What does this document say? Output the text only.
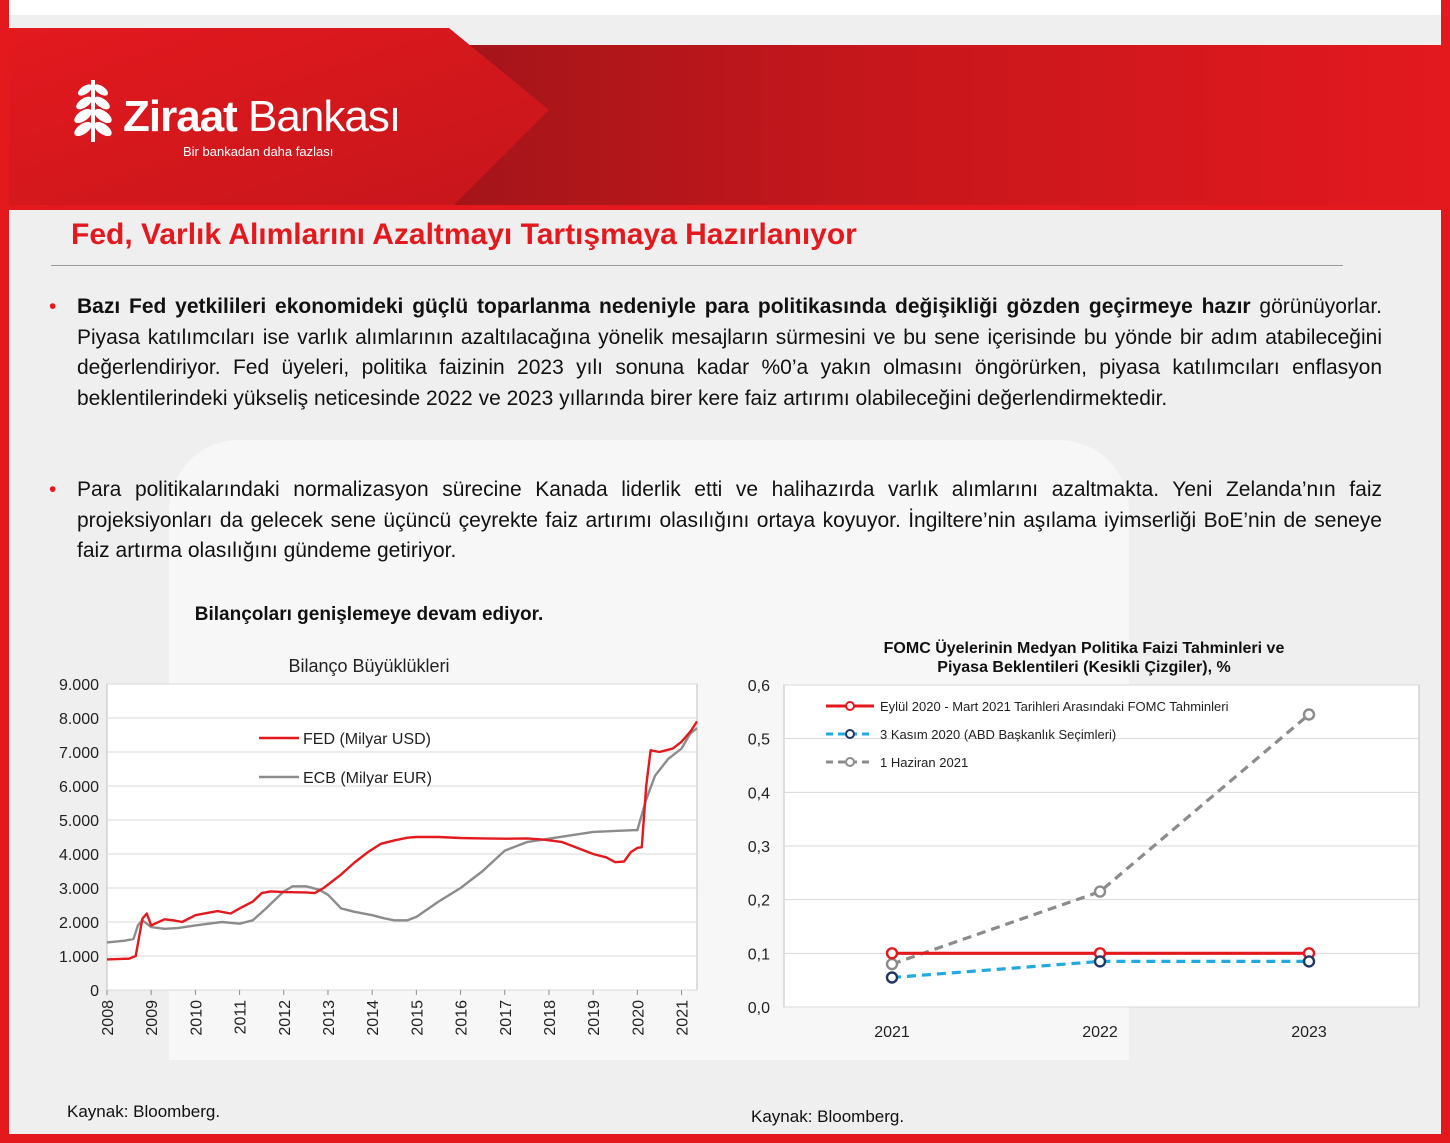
Ziraat Bankası
Bir bankadan daha fazlası
Fed, Varlık Alımlarını Azaltmayı Tartışmaya Hazırlanıyor
• Bazı Fed yetkilileri ekonomideki güçlü toparlanma nedeniyle para politikasında değişikliği gözden geçirmeye hazır görünüyorlar. Piyasa katılımcıları ise varlık alımlarının azaltılacağına yönelik mesajların sürmesini ve bu sene içerisinde bu yönde bir adım atabileceğini değerlendiriyor. Fed üyeleri, politika faizinin 2023 yılı sonuna kadar %0’a yakın olmasını öngörürken, piyasa katılımcıları enflasyon beklentilerindeki yükseliş neticesinde 2022 ve 2023 yıllarında birer kere faiz artırımı olabileceğini değerlendirmektedir.
• Para politikalarındaki normalizasyon sürecine Kanada liderlik etti ve halihazırda varlık alımlarını azaltmakta. Yeni Zelanda’nın faiz projeksiyonları da gelecek sene üçüncü çeyrekte faiz artırımı olasılığını ortaya koyuyor. İngiltere’nin aşılama iyimserliği BoE’nin de seneye faiz artırma olasılığını gündeme getiriyor.
Bilançoları genişlemeye devam ediyor.
FOMC Üyelerinin Medyan Politika Faizi Tahminleri ve
Piyasa Beklentileri (Kesikli Çizgiler), %
Bilanço Büyüklükleri
0
1.000
2.000
3.000
4.000
5.000
6.000
7.000
8.000
9.000
2008 2009 2010 2011 2012 2013 2014 2015 2016 2017 2018 2019 2020 2021
FED (Milyar USD)
ECB (Milyar EUR)
0,0
0,1
0,2
0,3
0,4
0,5
0,6
2021	2022	2023
Eylül 2020 - Mart 2021 Tarihleri Arasındaki FOMC Tahminleri
3 Kasım 2020 (ABD Başkanlık Seçimleri)
1 Haziran 2021
Kaynak: Bloomberg.	Kaynak: Bloomberg.
